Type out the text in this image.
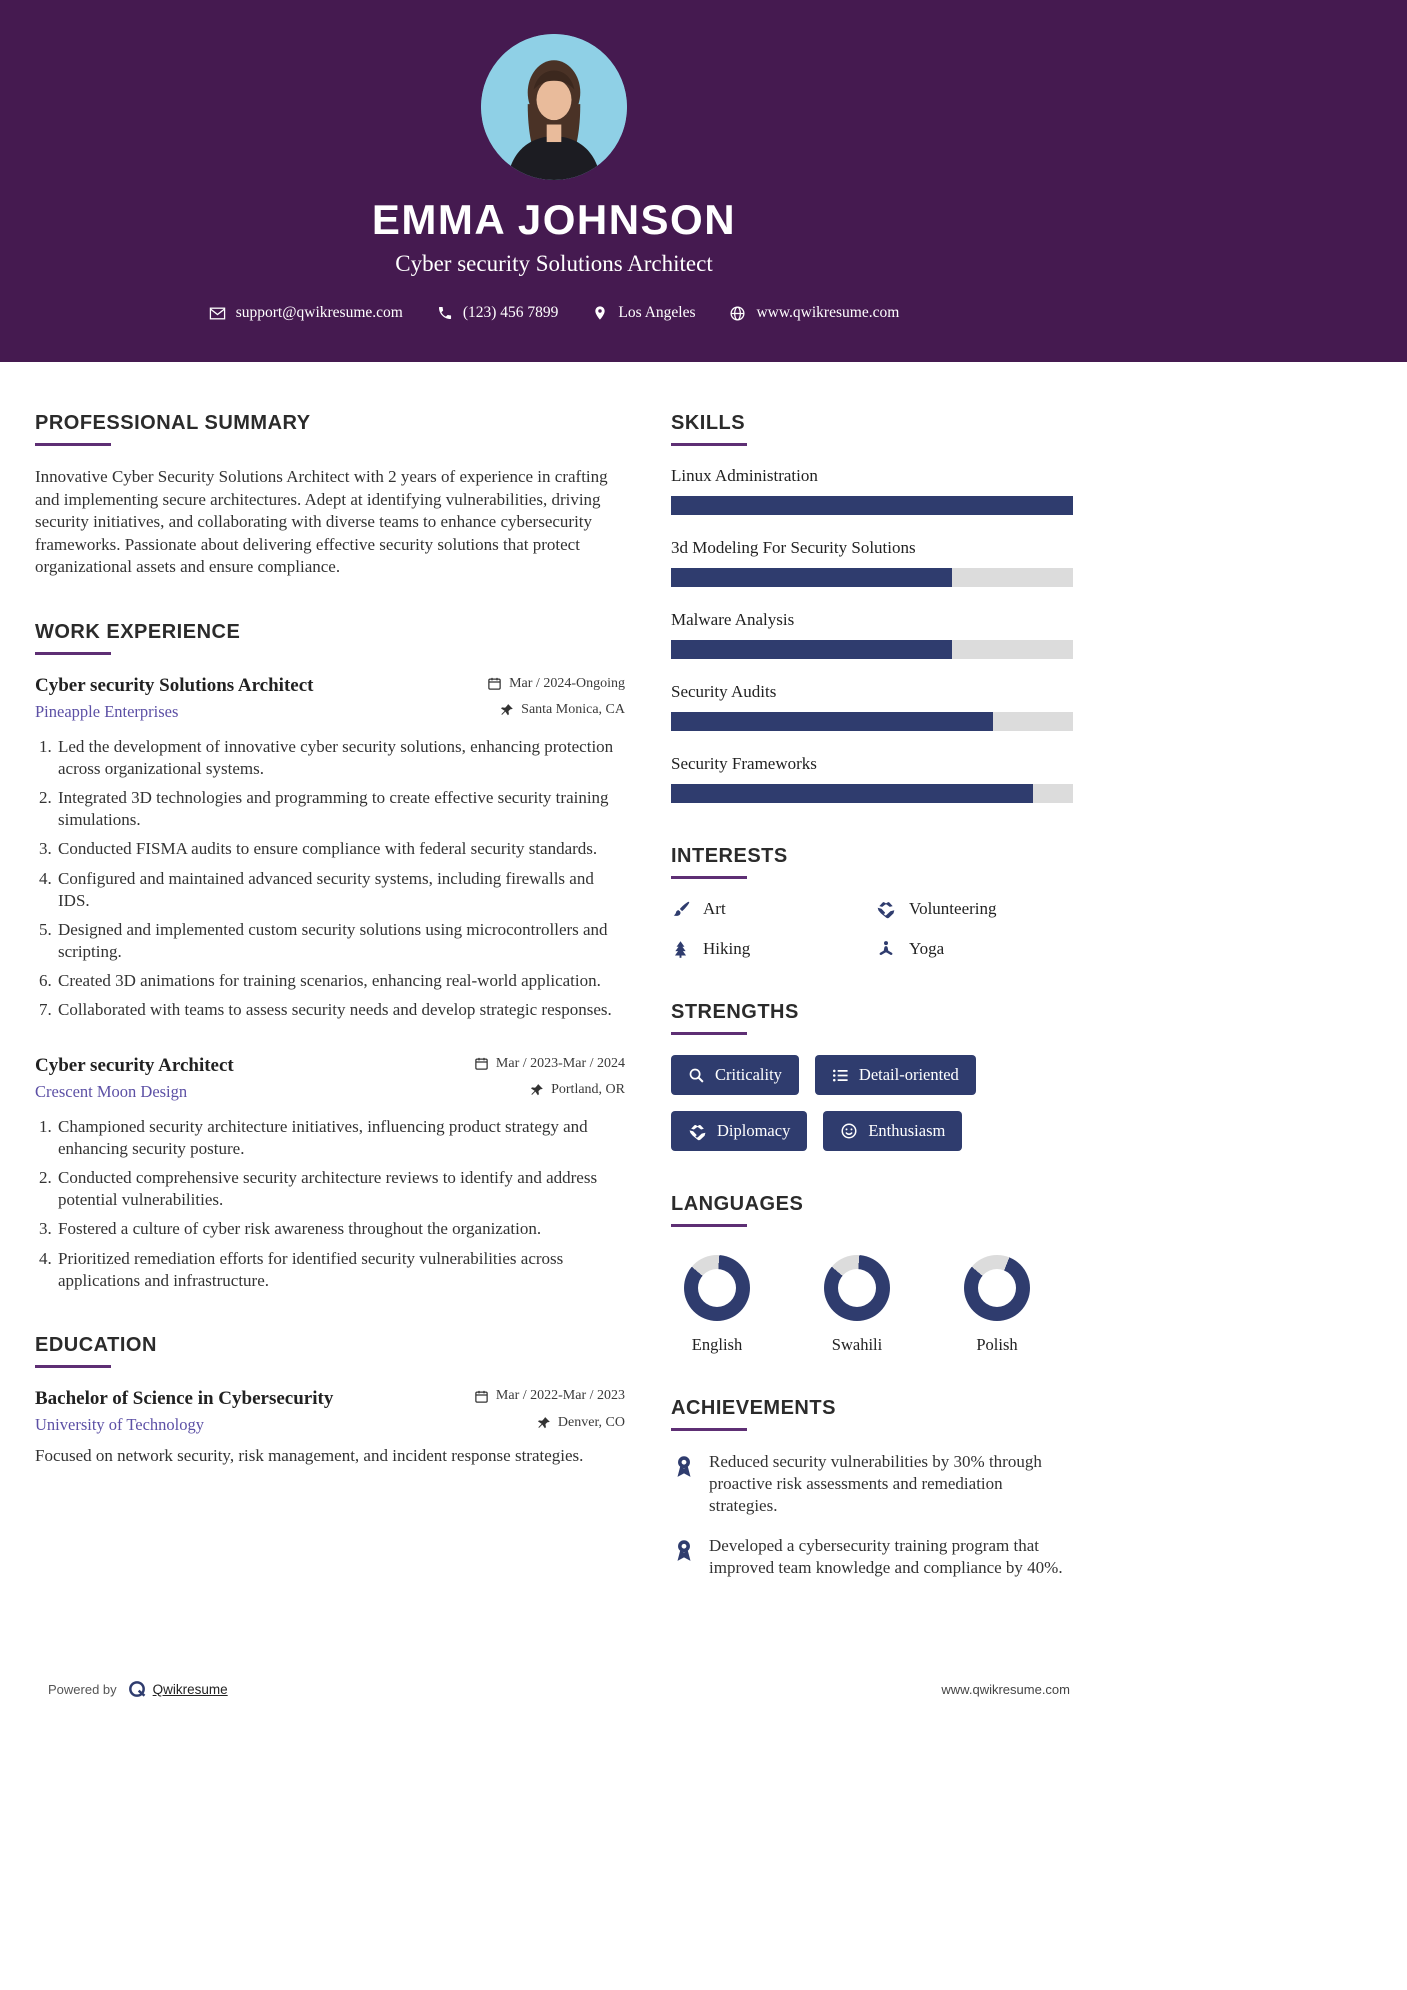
EMMA JOHNSON
Cyber security Solutions Architect
support@qwikresume.com	(123) 456 7899	Los Angeles	www.qwikresume.com
PROFESSIONAL SUMMARY

Innovative Cyber Security Solutions Architect with 2 years of experience in crafting and implementing secure architectures. Adept at identifying vulnerabilities, driving security initiatives, and collaborating with diverse teams to enhance cybersecurity frameworks. Passionate about delivering effective security solutions that protect organizational assets and ensure compliance.

WORK EXPERIENCE
Cyber security Solutions Architect	Mar / 2024-Ongoing
Pineapple Enterprises	Santa Monica, CA
1. Led the development of innovative cyber security solutions, enhancing protection across organizational systems.
2. Integrated 3D technologies and programming to create effective security training simulations.
3. Conducted FISMA audits to ensure compliance with federal security standards.
4. Configured and maintained advanced security systems, including firewalls and IDS.
5. Designed and implemented custom security solutions using microcontrollers and scripting.
6. Created 3D animations for training scenarios, enhancing real-world application.
7. Collaborated with teams to assess security needs and develop strategic responses.
Cyber security Architect	Mar / 2023-Mar / 2024
Crescent Moon Design	Portland, OR
1. Championed security architecture initiatives, influencing product strategy and enhancing security posture.
2. Conducted comprehensive security architecture reviews to identify and address potential vulnerabilities.
3. Fostered a culture of cyber risk awareness throughout the organization.
4. Prioritized remediation efforts for identified security vulnerabilities across applications and infrastructure.
EDUCATION
Bachelor of Science in Cybersecurity	Mar / 2022-Mar / 2023
University of Technology	Denver, CO

Focused on network security, risk management, and incident response strategies.

SKILLS
Linux Administration
3d Modeling For Security Solutions
Malware Analysis
Security Audits
Security Frameworks
INTERESTS
Art	Volunteering
Hiking	Yoga
STRENGTHS
Criticality	Detail-oriented
Diplomacy	Enthusiasm
LANGUAGES
English	Swahili	Polish
ACHIEVEMENTS
Reduced security vulnerabilities by 30% through proactive risk assessments and remediation strategies.
Developed a cybersecurity training program that improved team knowledge and compliance by 40%.
Powered by	Qwikresume	www.qwikresume.com
